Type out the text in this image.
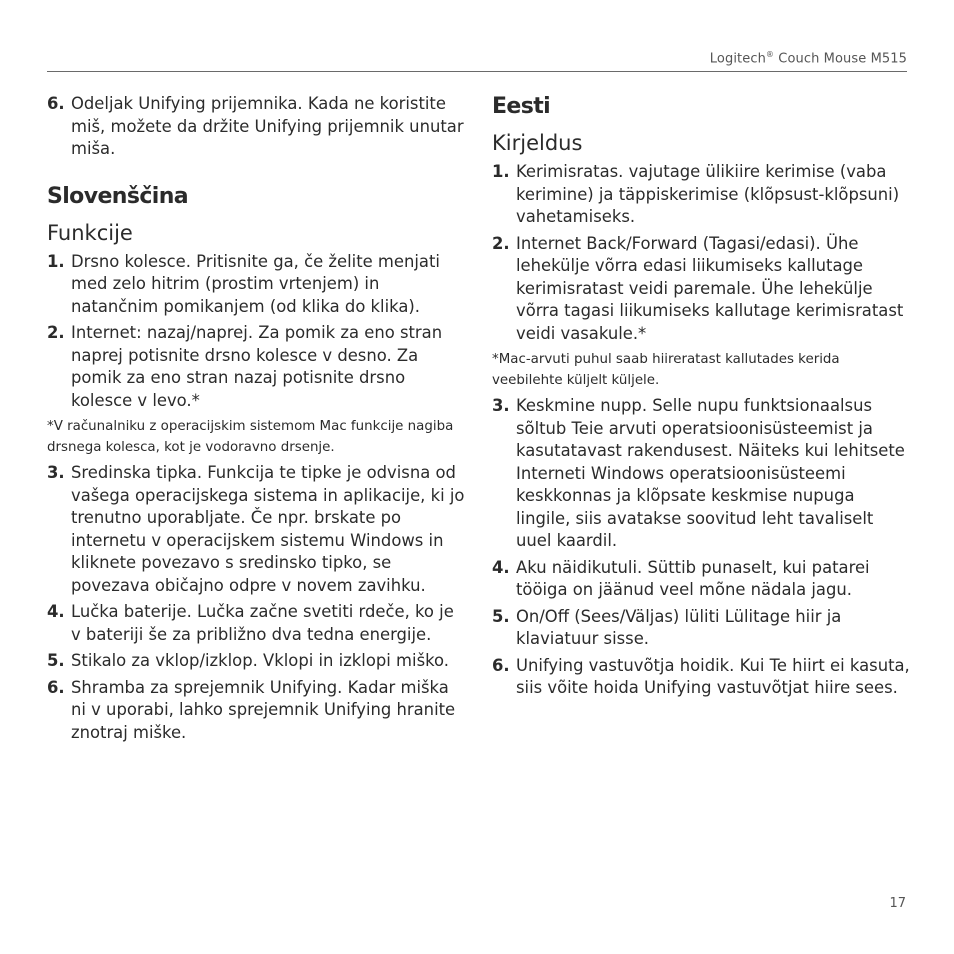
Logitech® Couch Mouse M515
6. Odeljak Unifying prijemnika. Kada ne koristite miš, možete da držite Unifying prijemnik unutar miša.
Slovenščina
Funkcije
1. Drsno kolesce. Pritisnite ga, če želite menjati med zelo hitrim (prostim vrtenjem) in natančnim pomikanjem (od klika do klika).
2. Internet: nazaj/naprej. Za pomik za eno stran naprej potisnite drsno kolesce v desno. Za pomik za eno stran nazaj potisnite drsno kolesce v levo.*
*V računalniku z operacijskim sistemom Mac funkcije nagiba drsnega kolesca, kot je vodoravno drsenje.
3. Sredinska tipka. Funkcija te tipke je odvisna od vašega operacijskega sistema in aplikacije, ki jo trenutno uporabljate. Če npr. brskate po internetu v operacijskem sistemu Windows in kliknete povezavo s sredinsko tipko, se povezava običajno odpre v novem zavihku.
4. Lučka baterije. Lučka začne svetiti rdeče, ko je v bateriji še za približno dva tedna energije.
5. Stikalo za vklop/izklop. Vklopi in izklopi miško.
6. Shramba za sprejemnik Unifying. Kadar miška ni v uporabi, lahko sprejemnik Unifying hranite znotraj miške.
Eesti
Kirjeldus
1. Kerimisratas. vajutage ülikiire kerimise (vaba kerimine) ja täppiskerimise (klõpsust-klõpsuni) vahetamiseks.
2. Internet Back/Forward (Tagasi/edasi). Ühe lehekülje võrra edasi liikumiseks kallutage kerimisratast veidi paremale. Ühe lehekülje võrra tagasi liikumiseks kallutage kerimisratast veidi vasakule.*
*Mac-arvuti puhul saab hiireratast kallutades kerida veebilehte küljelt küljele.
3. Keskmine nupp. Selle nupu funktsionaalsus sõltub Teie arvuti operatsioonisüsteemist ja kasutatavast rakendusest. Näiteks kui lehitsete Interneti Windows operatsioonisüsteemi keskkonnas ja klõpsate keskmise nupuga lingile, siis avatakse soovitud leht tavaliselt uuel kaardil.
4. Aku näidikutuli. Süttib punaselt, kui patarei tööiga on jäänud veel mõne nädala jagu.
5. On/Off (Sees/Väljas) lüliti Lülitage hiir ja klaviatuur sisse.
6. Unifying vastuvõtja hoidik. Kui Te hiirt ei kasuta, siis võite hoida Unifying vastuvõtjat hiire sees.
17
